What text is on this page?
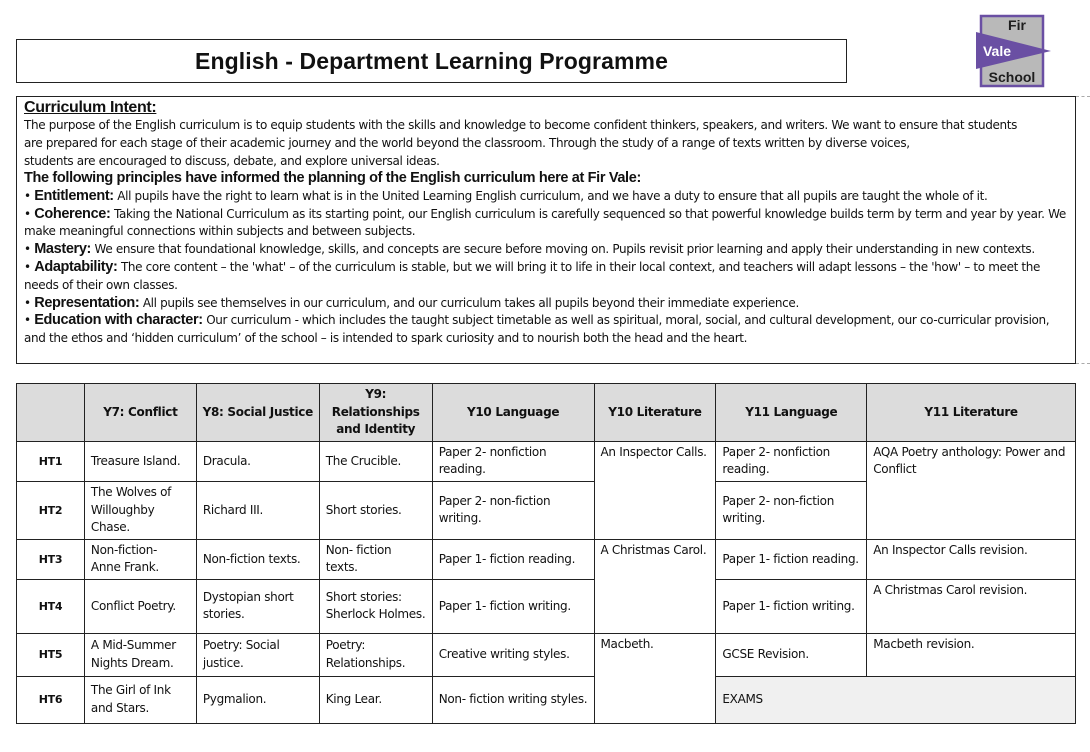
English - Department Learning Programme
Fir
Vale
School
Curriculum Intent:
The purpose of the English curriculum is to equip students with the skills and knowledge to become confident thinkers, speakers, and writers. We want to ensure that students
are prepared for each stage of their academic journey and the world beyond the classroom. Through the study of a range of texts written by diverse voices,
students are encouraged to discuss, debate, and explore universal ideas.
The following principles have informed the planning of the English curriculum here at Fir Vale:
• Entitlement: All pupils have the right to learn what is in the United Learning English curriculum, and we have a duty to ensure that all pupils are taught the whole of it.
• Coherence: Taking the National Curriculum as its starting point, our English curriculum is carefully sequenced so that powerful knowledge builds term by term and year by year. We make meaningful connections within subjects and between subjects.
• Mastery: We ensure that foundational knowledge, skills, and concepts are secure before moving on. Pupils revisit prior learning and apply their understanding in new contexts.
• Adaptability: The core content – the 'what' – of the curriculum is stable, but we will bring it to life in their local context, and teachers will adapt lessons – the 'how' – to meet the needs of their own classes.
• Representation: All pupils see themselves in our curriculum, and our curriculum takes all pupils beyond their immediate experience.
• Education with character: Our curriculum - which includes the taught subject timetable as well as spiritual, moral, social, and cultural development, our co-curricular provision, and the ethos and ‘hidden curriculum’ of the school – is intended to spark curiosity and to nourish both the head and the heart.
	Y7: Conflict	Y8: Social Justice	Y9: Relationships and Identity	Y10 Language	Y10 Literature	Y11 Language	Y11 Literature
HT1	Treasure Island.	Dracula.	The Crucible.	Paper 2- nonfiction reading.	An Inspector Calls.	Paper 2- nonfiction reading.	AQA Poetry anthology: Power and Conflict
HT2	The Wolves of Willoughby Chase.	Richard III.	Short stories.	Paper 2- non-fiction writing.		Paper 2- non-fiction writing.	
HT3	Non-fiction- Anne Frank.	Non-fiction texts.	Non- fiction texts.	Paper 1- fiction reading.	A Christmas Carol.	Paper 1- fiction reading.	An Inspector Calls revision.
HT4	Conflict Poetry.	Dystopian short stories.	Short stories: Sherlock Holmes.	Paper 1- fiction writing.		Paper 1- fiction writing.	A Christmas Carol revision.
HT5	A Mid-Summer Nights Dream.	Poetry: Social justice.	Poetry: Relationships.	Creative writing styles.	Macbeth.	GCSE Revision.	Macbeth revision.
HT6	The Girl of Ink and Stars.	Pygmalion.	King Lear.	Non- fiction writing styles.		EXAMS	
